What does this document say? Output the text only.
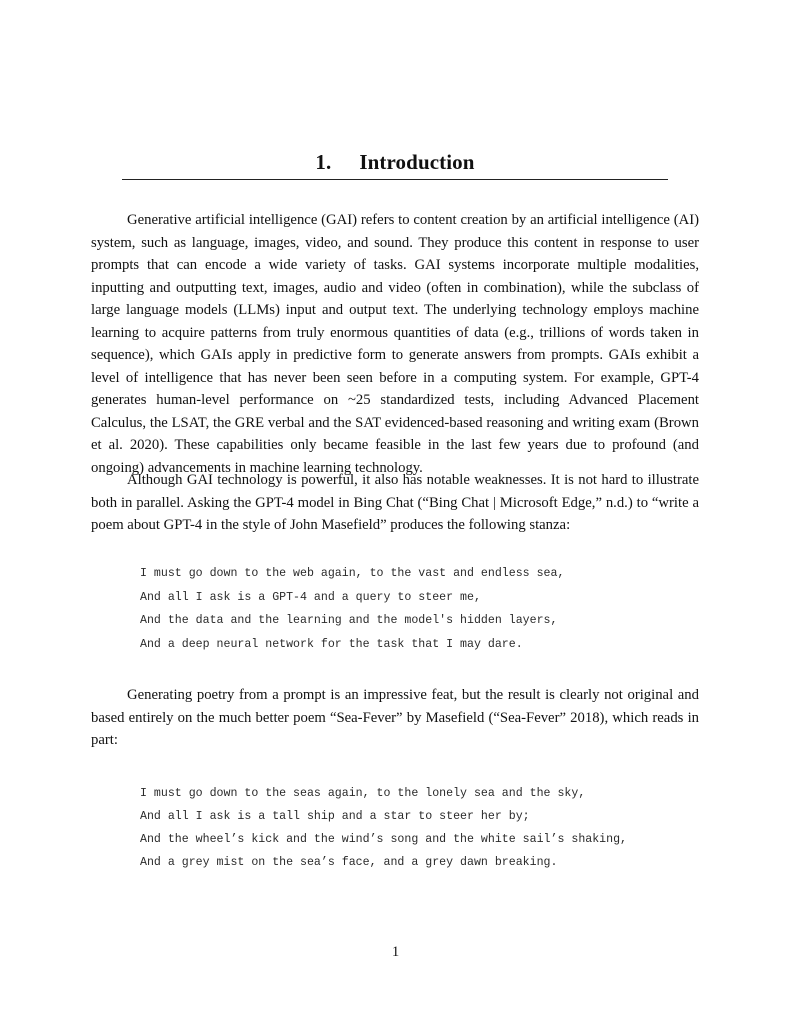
1. Introduction

Generative artificial intelligence (GAI) refers to content creation by an artificial intelligence (AI) system, such as language, images, video, and sound. They produce this content in response to user prompts that can encode a wide variety of tasks. GAI systems incorporate multiple modalities, inputting and outputting text, images, audio and video (often in combination), while the subclass of large language models (LLMs) input and output text. The underlying technology employs machine learning to acquire patterns from truly enormous quantities of data (e.g., trillions of words taken in sequence), which GAIs apply in predictive form to generate answers from prompts. GAIs exhibit a level of intelligence that has never been seen before in a computing system. For example, GPT-4 generates human-level performance on ~25 standardized tests, including Advanced Placement Calculus, the LSAT, the GRE verbal and the SAT evidenced-based reasoning and writing exam (Brown et al. 2020). These capabilities only became feasible in the last few years due to profound (and ongoing) advancements in machine learning technology.

Although GAI technology is powerful, it also has notable weaknesses. It is not hard to illustrate both in parallel. Asking the GPT-4 model in Bing Chat (“Bing Chat | Microsoft Edge,” n.d.) to “write a poem about GPT-4 in the style of John Masefield” produces the following stanza:

I must go down to the web again, to the vast and endless sea,
And all I ask is a GPT-4 and a query to steer me,
And the data and the learning and the model's hidden layers,
And a deep neural network for the task that I may dare.

Generating poetry from a prompt is an impressive feat, but the result is clearly not original and based entirely on the much better poem “Sea-Fever” by Masefield (“Sea-Fever” 2018), which reads in part:

I must go down to the seas again, to the lonely sea and the sky,
And all I ask is a tall ship and a star to steer her by;
And the wheel’s kick and the wind’s song and the white sail’s shaking,
And a grey mist on the sea’s face, and a grey dawn breaking.
1
